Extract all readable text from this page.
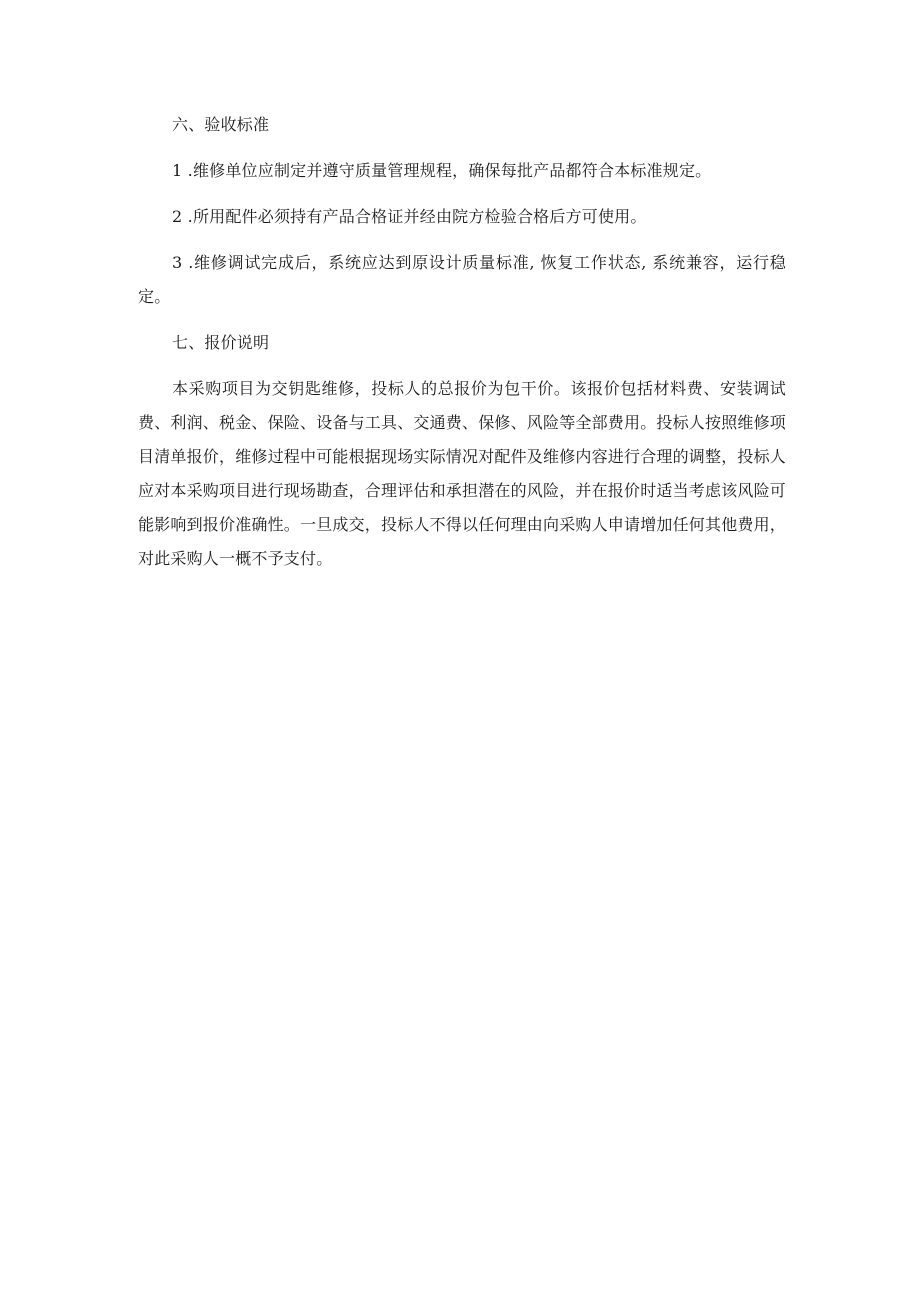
六、验收标准

1 .维修单位应制定并遵守质量管理规程，确保每批产品都符合本标准规定。

2 .所用配件必须持有产品合格证并经由院方检验合格后方可使用。

3 .维修调试完成后，系统应达到原设计质量标准, 恢复工作状态, 系统兼容，运行稳定。

七、报价说明

本采购项目为交钥匙维修，投标人的总报价为包干价。该报价包括材料费、安装调试费、利润、税金、保险、设备与工具、交通费、保修、风险等全部费用。投标人按照维修项目清单报价，维修过程中可能根据现场实际情况对配件及维修内容进行合理的调整，投标人应对本采购项目进行现场勘查，合理评估和承担潜在的风险，并在报价时适当考虑该风险可能影响到报价准确性。一旦成交，投标人不得以任何理由向采购人申请增加任何其他费用，对此采购人一概不予支付。
